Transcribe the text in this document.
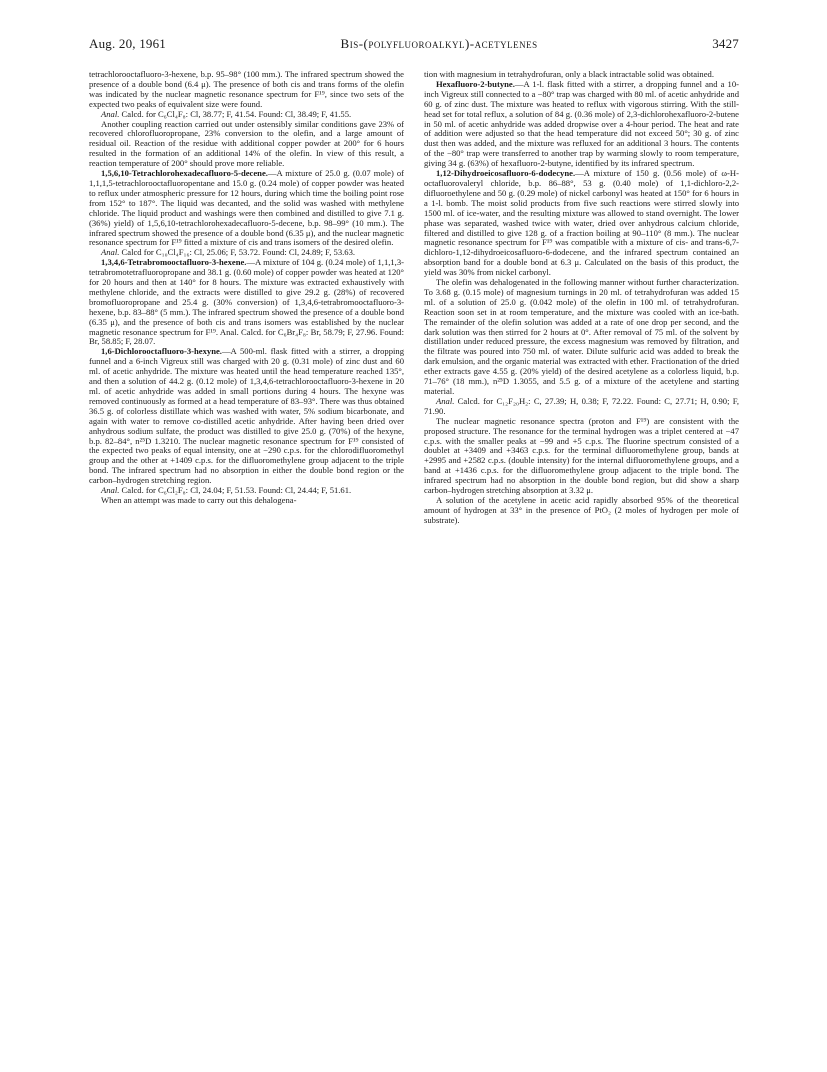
Aug. 20, 1961	Bis-(polyfluoroalkyl)-acetylenes	3427

tetrachlorooctafluoro-3-hexene, b.p. 95–98° (100 mm.). The infrared spectrum showed the presence of a double bond (6.4 μ). The presence of both cis and trans forms of the olefin was indicated by the nuclear magnetic resonance spectrum for F¹⁹, since two sets of the expected two peaks of equivalent size were found.

Anal. Calcd. for C₆Cl₄F₈: Cl, 38.77; F, 41.54. Found: Cl, 38.49; F, 41.55.

Another coupling reaction carried out under ostensibly similar conditions gave 23% of recovered chlorofluoropropane, 23% conversion to the olefin, and a large amount of residual oil. Reaction of the residue with additional copper powder at 200° for 6 hours resulted in the formation of an additional 14% of the olefin. In view of this result, a reaction temperature of 200° should prove more reliable.

1,5,6,10-Tetrachlorohexadecafluoro-5-decene.—A mixture of 25.0 g. (0.07 mole) of 1,1,1,5-tetrachlorooctafluoropentane and 15.0 g. (0.24 mole) of copper powder was heated to reflux under atmospheric pressure for 12 hours, during which time the boiling point rose from 152° to 187°. The liquid was decanted, and the solid was washed with methylene chloride. The liquid product and washings were then combined and distilled to give 7.1 g. (36%) yield) of 1,5,6,10-tetrachlorohexadecafluoro-5-decene, b.p. 98–99° (10 mm.). The infrared spectrum showed the presence of a double bond (6.35 μ), and the nuclear magnetic resonance spectrum for F¹⁹ fitted a mixture of cis and trans isomers of the desired olefin.

Anal. Calcd for C₁₀Cl₄F₁₆: Cl, 25.06; F, 53.72. Found: Cl, 24.89; F, 53.63.

1,3,4,6-Tetrabromooctafluoro-3-hexene.—A mixture of 104 g. (0.24 mole) of 1,1,1,3-tetrabromotetrafluoropropane and 38.1 g. (0.60 mole) of copper powder was heated at 120° for 20 hours and then at 140° for 8 hours. The mixture was extracted exhaustively with methylene chloride, and the extracts were distilled to give 29.2 g. (28%) of recovered bromofluoropropane and 25.4 g. (30% conversion) of 1,3,4,6-tetrabromooctafluoro-3-hexene, b.p. 83–88° (5 mm.). The infrared spectrum showed the presence of a double bond (6.35 μ), and the presence of both cis and trans isomers was established by the nuclear magnetic resonance spectrum for F¹⁹. Anal. Calcd. for C₆Br₄F₈: Br, 58.79; F, 27.96. Found: Br, 58.85; F, 28.07.

1,6-Dichlorooctafluoro-3-hexyne.—A 500-ml. flask fitted with a stirrer, a dropping funnel and a 6-inch Vigreux still was charged with 20 g. (0.31 mole) of zinc dust and 60 ml. of acetic anhydride. The mixture was heated until the head temperature reached 135°, and then a solution of 44.2 g. (0.12 mole) of 1,3,4,6-tetrachlorooctafluoro-3-hexene in 20 ml. of acetic anhydride was added in small portions during 4 hours. The hexyne was removed continuously as formed at a head temperature of 83–93°. There was thus obtained 36.5 g. of colorless distillate which was washed with water, 5% sodium bicarbonate, and again with water to remove co-distilled acetic anhydride. After having been dried over anhydrous sodium sulfate, the product was distilled to give 25.0 g. (70%) of the hexyne, b.p. 82–84°, n²⁵D 1.3210. The nuclear magnetic resonance spectrum for F¹⁹ consisted of the expected two peaks of equal intensity, one at −290 c.p.s. for the chlorodifluoromethyl group and the other at +1409 c.p.s. for the difluoromethylene group adjacent to the triple bond. The infrared spectrum had no absorption in either the double bond region or the carbon–hydrogen stretching region.

Anal. Calcd. for C₆Cl₂F₈: Cl, 24.04; F, 51.53. Found: Cl, 24.44; F, 51.61.

When an attempt was made to carry out this dehalogena-

tion with magnesium in tetrahydrofuran, only a black intractable solid was obtained.

Hexafluoro-2-butyne.—A 1-l. flask fitted with a stirrer, a dropping funnel and a 10-inch Vigreux still connected to a −80° trap was charged with 80 ml. of acetic anhydride and 60 g. of zinc dust. The mixture was heated to reflux with vigorous stirring. With the still-head set for total reflux, a solution of 84 g. (0.36 mole) of 2,3-dichlorohexafluoro-2-butene in 50 ml. of acetic anhydride was added dropwise over a 4-hour period. The heat and rate of addition were adjusted so that the head temperature did not exceed 50°; 30 g. of zinc dust then was added, and the mixture was refluxed for an additional 3 hours. The contents of the −80° trap were transferred to another trap by warming slowly to room temperature, giving 34 g. (63%) of hexafluoro-2-butyne, identified by its infrared spectrum.

1,12-Dihydroeicosafluoro-6-dodecyne.—A mixture of 150 g. (0.56 mole) of ω-H-octafluorovaleryl chloride, b.p. 86–88°, 53 g. (0.40 mole) of 1,1-dichloro-2,2-difluoroethylene and 50 g. (0.29 mole) of nickel carbonyl was heated at 150° for 6 hours in a 1-l. bomb. The moist solid products from five such reactions were stirred slowly into 1500 ml. of ice-water, and the resulting mixture was allowed to stand overnight. The lower phase was separated, washed twice with water, dried over anhydrous calcium chloride, filtered and distilled to give 128 g. of a fraction boiling at 90–110° (8 mm.). The nuclear magnetic resonance spectrum for F¹⁹ was compatible with a mixture of cis- and trans-6,7-dichloro-1,12-dihydroeicosafluoro-6-dodecene, and the infrared spectrum contained an absorption band for a double bond at 6.3 μ. Calculated on the basis of this product, the yield was 30% from nickel carbonyl.

The olefin was dehalogenated in the following manner without further characterization. To 3.68 g. (0.15 mole) of magnesium turnings in 20 ml. of tetrahydrofuran was added 15 ml. of a solution of 25.0 g. (0.042 mole) of the olefin in 100 ml. of tetrahydrofuran. Reaction soon set in at room temperature, and the mixture was cooled with an ice-bath. The remainder of the olefin solution was added at a rate of one drop per second, and the dark solution was then stirred for 2 hours at 0°. After removal of 75 ml. of the solvent by distillation under reduced pressure, the excess magnesium was removed by filtration, and the filtrate was poured into 750 ml. of water. Dilute sulfuric acid was added to break the dark emulsion, and the organic material was extracted with ether. Fractionation of the dried ether extracts gave 4.55 g. (20% yield) of the desired acetylene as a colorless liquid, b.p. 71–76° (18 mm.), n²⁵D 1.3055, and 5.5 g. of a mixture of the acetylene and starting material.

Anal. Calcd. for C₁₂F₂₀H₂: C, 27.39; H, 0.38; F, 72.22. Found: C, 27.71; H, 0.90; F, 71.90.

The nuclear magnetic resonance spectra (proton and F¹⁹) are consistent with the proposed structure. The resonance for the terminal hydrogen was a triplet centered at −47 c.p.s. with the smaller peaks at −99 and +5 c.p.s. The fluorine spectrum consisted of a doublet at +3409 and +3463 c.p.s. for the terminal difluoromethylene group, bands at +2995 and +2582 c.p.s. (double intensity) for the internal difluoromethylene groups, and a band at +1436 c.p.s. for the difluoromethylene group adjacent to the triple bond. The infrared spectrum had no absorption in the double bond region, but did show a sharp carbon–hydrogen stretching absorption at 3.32 μ.

A solution of the acetylene in acetic acid rapidly absorbed 95% of the theoretical amount of hydrogen at 33° in the presence of PtO₂ (2 moles of hydrogen per mole of substrate).
